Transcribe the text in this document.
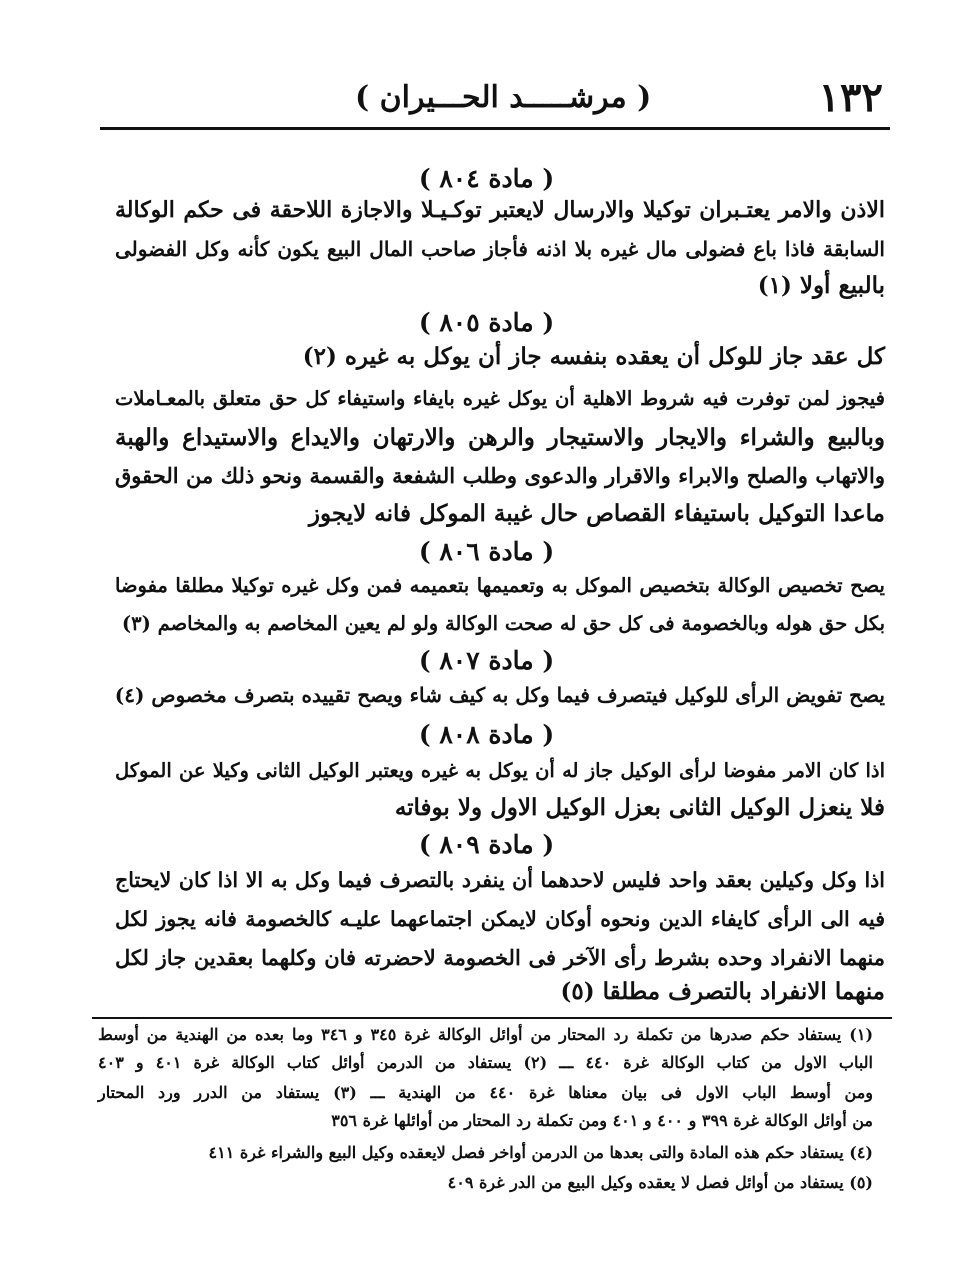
١٣٢
( مرشـــــد الحـــيران )
( مادة ٨٠٤ )
الاذن والامر يعتـبران توكيلا والارسال لايعتبر توكـيـلا والاجازة اللاحقة فى حكم الوكالة
السابقة فاذا باع فضولى مال غيره بلا اذنه فأجاز صاحب المال البيع يكون كأنه وكل الفضولى
بالبيع أولا (١)
( مادة ٨٠٥ )
كل عقد جاز للوكل أن يعقده بنفسه جاز أن يوكل به غيره (٢)
فيجوز لمن توفرت فيه شروط الاهلية أن يوكل غيره بايفاء واستيفاء كل حق متعلق بالمعـاملات
وبالبيع والشراء والايجار والاستيجار والرهن والارتهان والايداع والاستيداع والهبة
والاتهاب والصلح والابراء والاقرار والدعوى وطلب الشفعة والقسمة ونحو ذلك من الحقوق
ماعدا التوكيل باستيفاء القصاص حال غيبة الموكل فانه لايجوز
( مادة ٨٠٦ )
يصح تخصيص الوكالة بتخصيص الموكل به وتعميمها بتعميمه فمن وكل غيره توكيلا مطلقا مفوضا
بكل حق هوله وبالخصومة فى كل حق له صحت الوكالة ولو لم يعين المخاصم به والمخاصم (٣)
( مادة ٨٠٧ )
يصح تفويض الرأى للوكيل فيتصرف فيما وكل به كيف شاء ويصح تقييده بتصرف مخصوص (٤)
( مادة ٨٠٨ )
اذا كان الامر مفوضا لرأى الوكيل جاز له أن يوكل به غيره ويعتبر الوكيل الثانى وكيلا عن الموكل
فلا ينعزل الوكيل الثانى بعزل الوكيل الاول ولا بوفاته
( مادة ٨٠٩ )
اذا وكل وكيلين بعقد واحد فليس لاحدهما أن ينفرد بالتصرف فيما وكل به الا اذا كان لايحتاج
فيه الى الرأى كايفاء الدين ونحوه أوكان لايمكن اجتماعهما عليـه كالخصومة فانه يجوز لكل
منهما الانفراد وحده بشرط رأى الآخر فى الخصومة لاحضرته فان وكلهما بعقدين جاز لكل
منهما الانفراد بالتصرف مطلقا (٥)
(١) يستفاد حكم صدرها من تكملة رد المحتار من أوائل الوكالة غرة ٣٤٥ و ٣٤٦ وما بعده من الهندية من أوسط
الباب الاول من كتاب الوكالة غرة ٤٤٠ ـــ (٢) يستفاد من الدرمن أوائل كتاب الوكالة غرة ٤٠١ و ٤٠٣
ومن أوسط الباب الاول فى بيان معناها غرة ٤٤٠ من الهندية ـــ (٣) يستفاد من الدرر ورد المحتار
من أوائل الوكالة غرة ٣٩٩ و ٤٠٠ و ٤٠١ ومن تكملة رد المحتار من أوائلها غرة ٣٥٦
(٤) يستفاد حكم هذه المادة والتى بعدها من الدرمن أواخر فصل لايعقده وكيل البيع والشراء غرة ٤١١
(٥) يستفاد من أوائل فصل لا يعقده وكيل البيع من الدر غرة ٤٠٩
